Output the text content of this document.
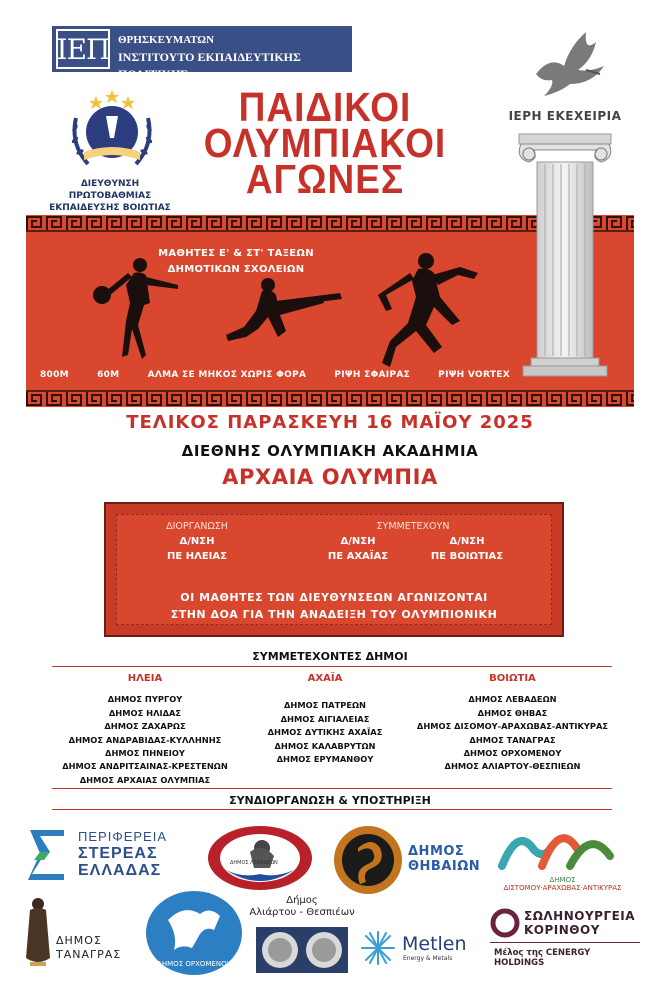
ΙΕΠ
ΥΠΟΥΡΓΕΙΟ ΠΑΙΔΕΙΑΣ & ΘΡΗΣΚΕΥΜΑΤΩΝ
ΙΝΣΤΙΤΟΥΤΟ ΕΚΠΑΙΔΕΥΤΙΚΗΣ ΠΟΛΙΤΙΚΗΣ
ΔΙΕΥΘΥΝΣΗ ΠΡΩΤΟΒΑΘΜΙΑΣ
ΕΚΠΑΙΔΕΥΣΗΣ ΒΟΙΩΤΙΑΣ
ΠΑΙΔΙΚΟΙ
ΟΛΥΜΠΙΑΚΟΙ
ΑΓΩΝΕΣ
ΙΕΡΗ ΕΚΕΧΕΙΡΙΑ
ΜΑΘΗΤΕΣ Ε' & ΣΤ' ΤΑΞΕΩΝ
ΔΗΜΟΤΙΚΩΝ ΣΧΟΛΕΙΩΝ
800Μ	60Μ	ΑΛΜΑ ΣΕ ΜΗΚΟΣ ΧΩΡΙΣ ΦΟΡΑ	ΡΙΨΗ ΣΦΑΙΡΑΣ	ΡΙΨΗ VORTEX
ΤΕΛΙΚΟΣ ΠΑΡΑΣΚΕΥΗ 16 ΜΑΪΟΥ 2025
ΔΙΕΘΝΗΣ ΟΛΥΜΠΙΑΚΗ ΑΚΑΔΗΜΙΑ
ΑΡΧΑΙΑ ΟΛΥΜΠΙΑ
ΔΙΟΡΓΑΝΩΣΗ
Δ/ΝΣΗ
ΠΕ ΗΛΕΙΑΣ
ΣΥΜΜΕΤΕΧΟΥΝ
Δ/ΝΣΗ
ΠΕ ΑΧΑΪΑΣ
Δ/ΝΣΗ
ΠΕ ΒΟΙΩΤΙΑΣ
ΟΙ ΜΑΘΗΤΕΣ ΤΩΝ ΔΙΕΥΘΥΝΣΕΩΝ ΑΓΩΝΙΖΟΝΤΑΙ
ΣΤΗΝ ΔΟΑ ΓΙΑ ΤΗΝ ΑΝΑΔΕΙΞΗ ΤΟΥ ΟΛΥΜΠΙΟΝΙΚΗ
ΣΥΜΜΕΤΕΧΟΝΤΕΣ ΔΗΜΟΙ
ΗΛΕΙΑ
ΔΗΜΟΣ ΠΥΡΓΟΥ
ΔΗΜΟΣ ΗΛΙΔΑΣ
ΔΗΜΟΣ ΖΑΧΑΡΩΣ
ΔΗΜΟΣ ΑΝΔΡΑΒΙΔΑΣ-ΚΥΛΛΗΝΗΣ
ΔΗΜΟΣ ΠΗΝΕΙΟΥ
ΔΗΜΟΣ ΑΝΔΡΙΤΣΑΙΝΑΣ-ΚΡΕΣΤΕΝΩΝ
ΔΗΜΟΣ ΑΡΧΑΙΑΣ ΟΛΥΜΠΙΑΣ
ΑΧΑΪΑ
ΔΗΜΟΣ ΠΑΤΡΕΩΝ
ΔΗΜΟΣ ΑΙΓΙΑΛΕΙΑΣ
ΔΗΜΟΣ ΔΥΤΙΚΗΣ ΑΧΑΪΑΣ
ΔΗΜΟΣ ΚΑΛΑΒΡΥΤΩΝ
ΔΗΜΟΣ ΕΡΥΜΑΝΘΟΥ
ΒΟΙΩΤΙΑ
ΔΗΜΟΣ ΛΕΒΑΔΕΩΝ
ΔΗΜΟΣ ΘΗΒΑΣ
ΔΗΜΟΣ ΔΙΣΟΜΟΥ-ΑΡΑΧΩΒΑΣ-ΑΝΤΙΚΥΡΑΣ
ΔΗΜΟΣ ΤΑΝΑΓΡΑΣ
ΔΗΜΟΣ ΟΡΧΟΜΕΝΟΥ
ΔΗΜΟΣ ΑΛΙΑΡΤΟΥ-ΘΕΣΠΙΕΩΝ
ΣΥΝΔΙΟΡΓΑΝΩΣΗ & ΥΠΟΣΤΗΡΙΞΗ
ΠΕΡΙΦΕΡΕΙΑ
ΣΤΕΡΕΑΣ
ΕΛΛΑΔΑΣ	ΔΗΜΟΣ ΛΕΒΑΔΕΩΝ
ΔΗΜΟΣ
ΘΗΒΑΙΩΝ
ΔΗΜΟΣ ΔΙΣΤΟΜΟΥ·ΑΡΑΧΩΒΑΣ·ΑΝΤΙΚΥΡΑΣ
ΔΗΜΟΣ
ΤΑΝΑΓΡΑΣ
ΔΗΜΟΣ ΟΡΧΟΜΕΝΟΥ
Δήμος
Αλιάρτου - Θεσπιέων
Metlen
Energy & Metals
ΣΩΛΗΝΟΥΡΓΕΙΑ
ΚΟΡΙΝΘΟΥ
Μέλος της CENERGY HOLDINGS
